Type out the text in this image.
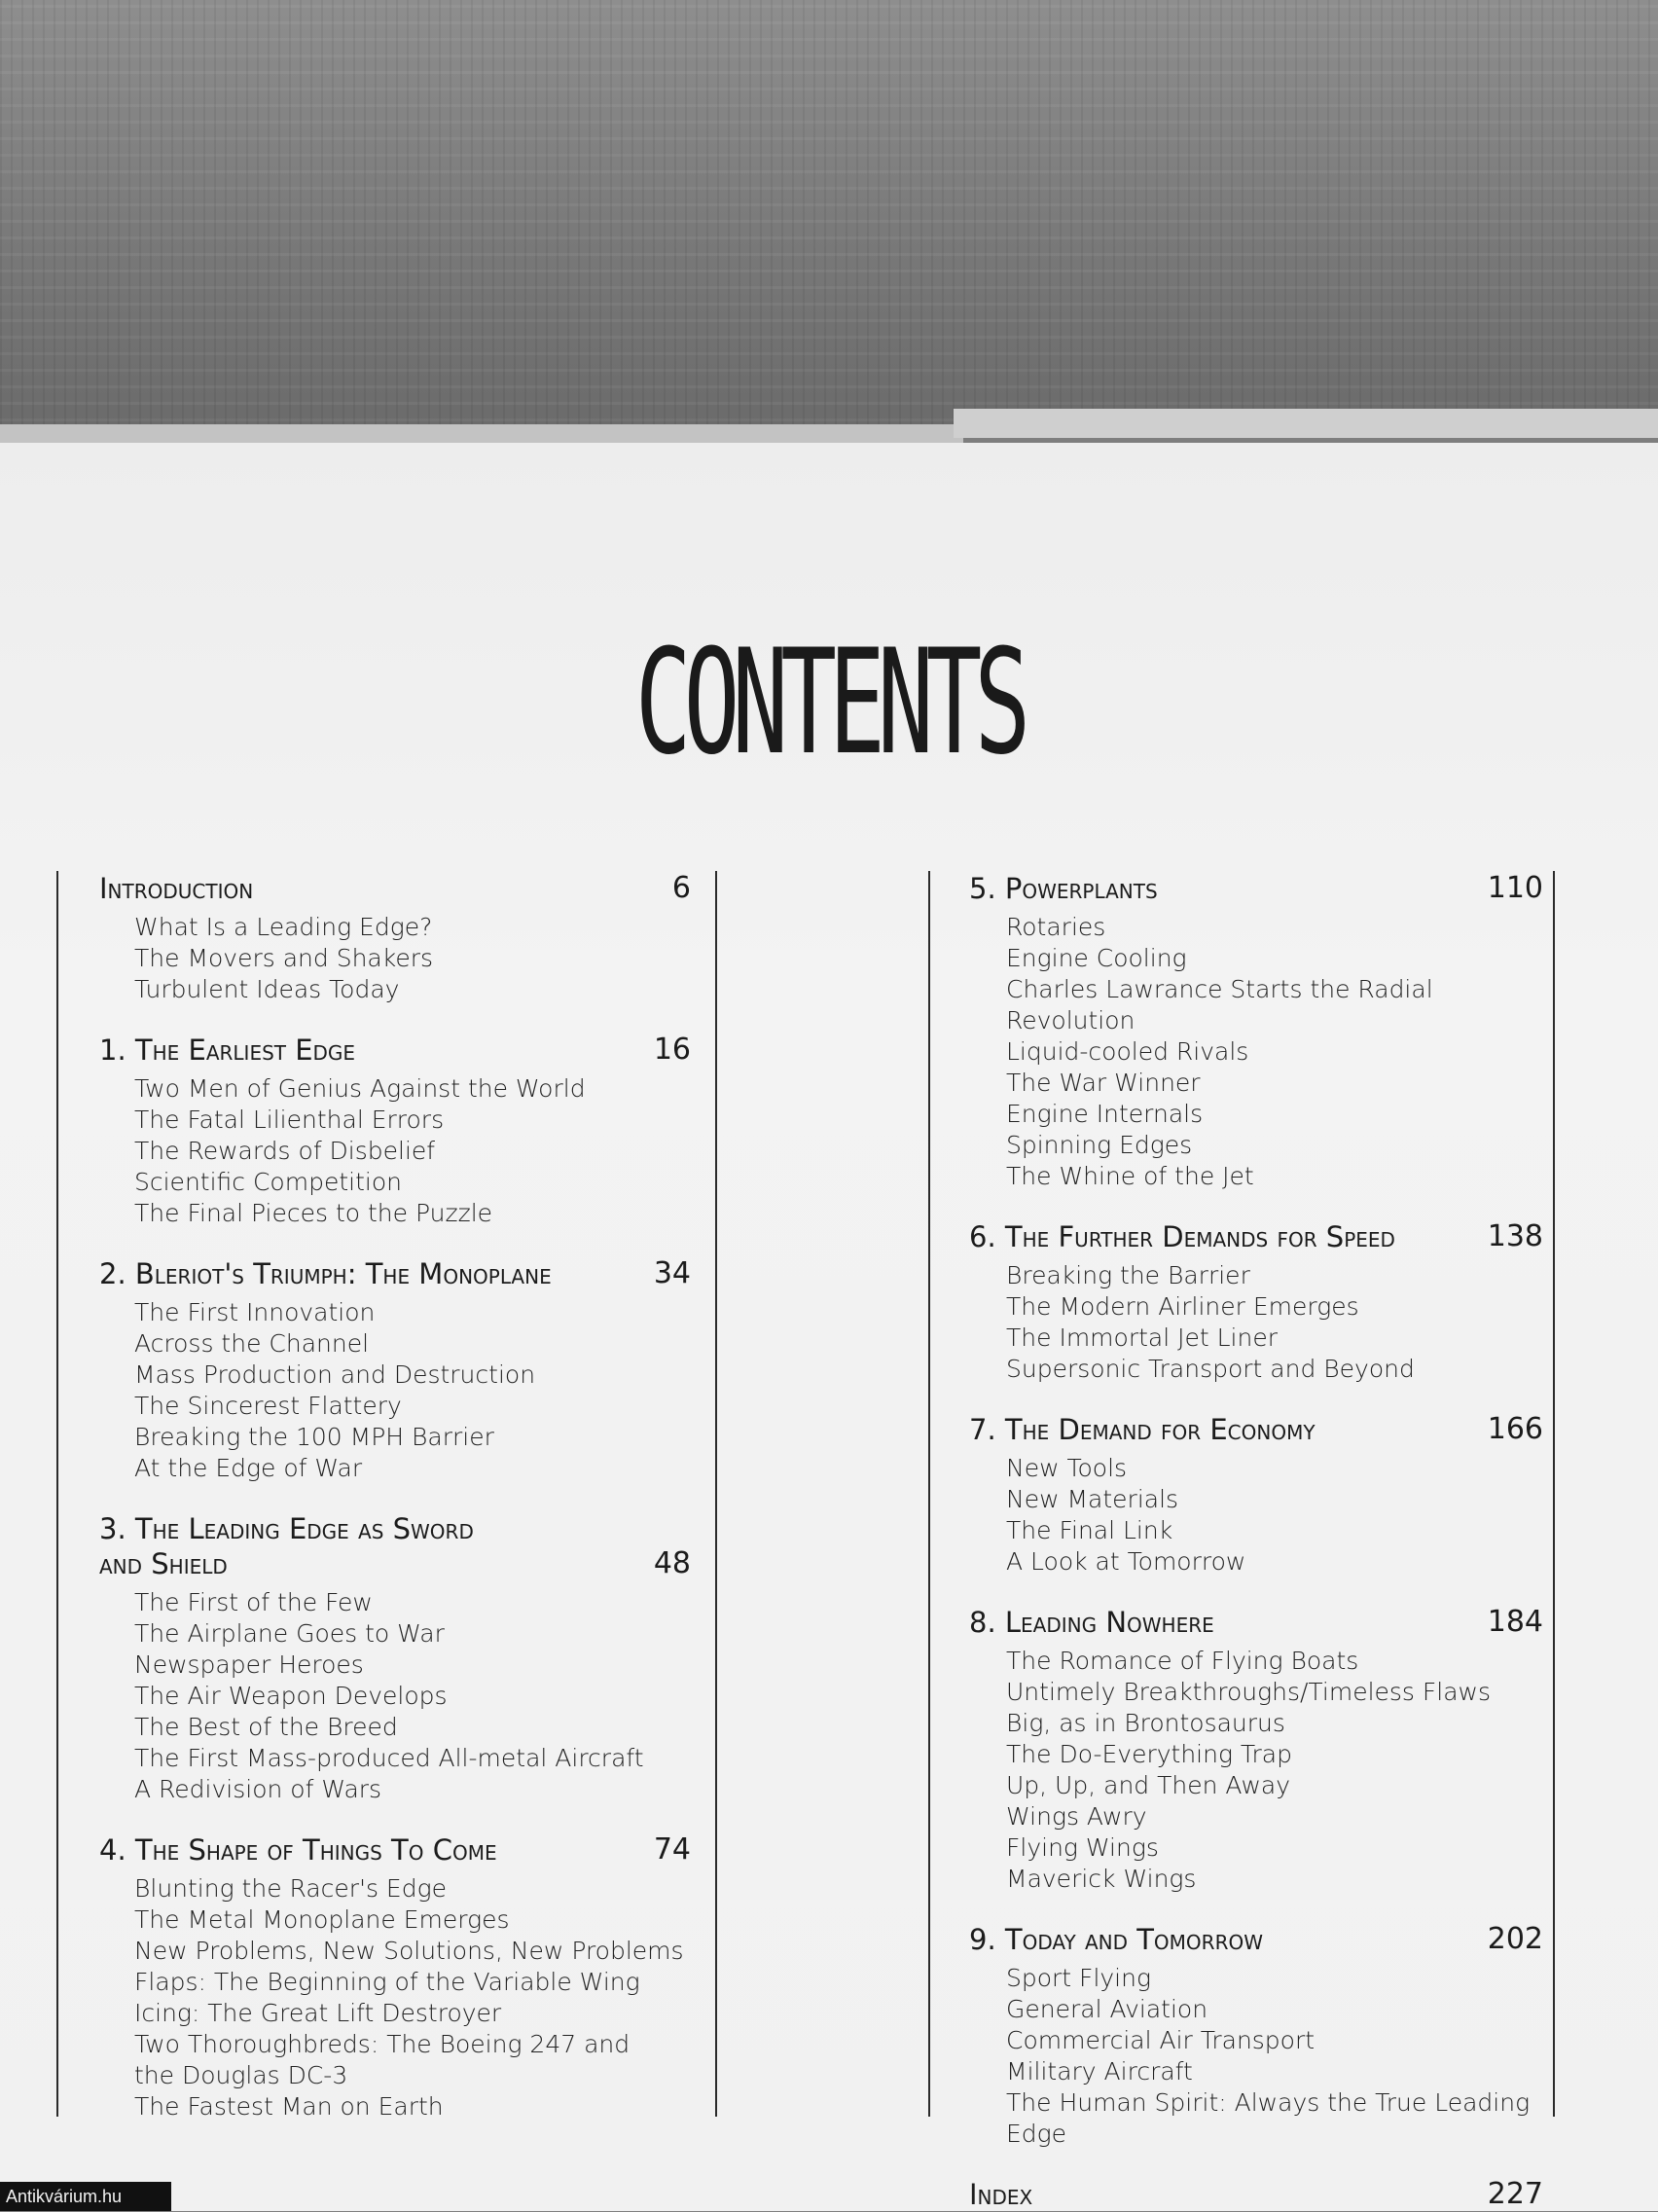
CONTENTS
Introduction	6
What Is a Leading Edge?
The Movers and Shakers
Turbulent Ideas Today
1. The Earliest Edge	16
Two Men of Genius Against the World
The Fatal Lilienthal Errors
The Rewards of Disbelief
Scientific Competition
The Final Pieces to the Puzzle
2. Bleriot's Triumph: The Monoplane	34
The First Innovation
Across the Channel
Mass Production and Destruction
The Sincerest Flattery
Breaking the 100 MPH Barrier
At the Edge of War
3. The Leading Edge as Sword
and Shield	48
The First of the Few
The Airplane Goes to War
Newspaper Heroes
The Air Weapon Develops
The Best of the Breed
The First Mass-produced All-metal Aircraft
A Redivision of Wars
4. The Shape of Things To Come	74
Blunting the Racer's Edge
The Metal Monoplane Emerges
New Problems, New Solutions, New Problems
Flaps: The Beginning of the Variable Wing
Icing: The Great Lift Destroyer
Two Thoroughbreds: The Boeing 247 and
the Douglas DC-3
The Fastest Man on Earth
5. Powerplants	110
Rotaries
Engine Cooling
Charles Lawrance Starts the Radial Revolution
Liquid-cooled Rivals
The War Winner
Engine Internals
Spinning Edges
The Whine of the Jet
6. The Further Demands for Speed	138
Breaking the Barrier
The Modern Airliner Emerges
The Immortal Jet Liner
Supersonic Transport and Beyond
7. The Demand for Economy	166
New Tools
New Materials
The Final Link
A Look at Tomorrow
8. Leading Nowhere	184
The Romance of Flying Boats
Untimely Breakthroughs/Timeless Flaws
Big, as in Brontosaurus
The Do-Everything Trap
Up, Up, and Then Away
Wings Awry
Flying Wings
Maverick Wings
9. Today and Tomorrow	202
Sport Flying
General Aviation
Commercial Air Transport
Military Aircraft
The Human Spirit: Always the True Leading Edge
Index	227
Antikvárium.hu
